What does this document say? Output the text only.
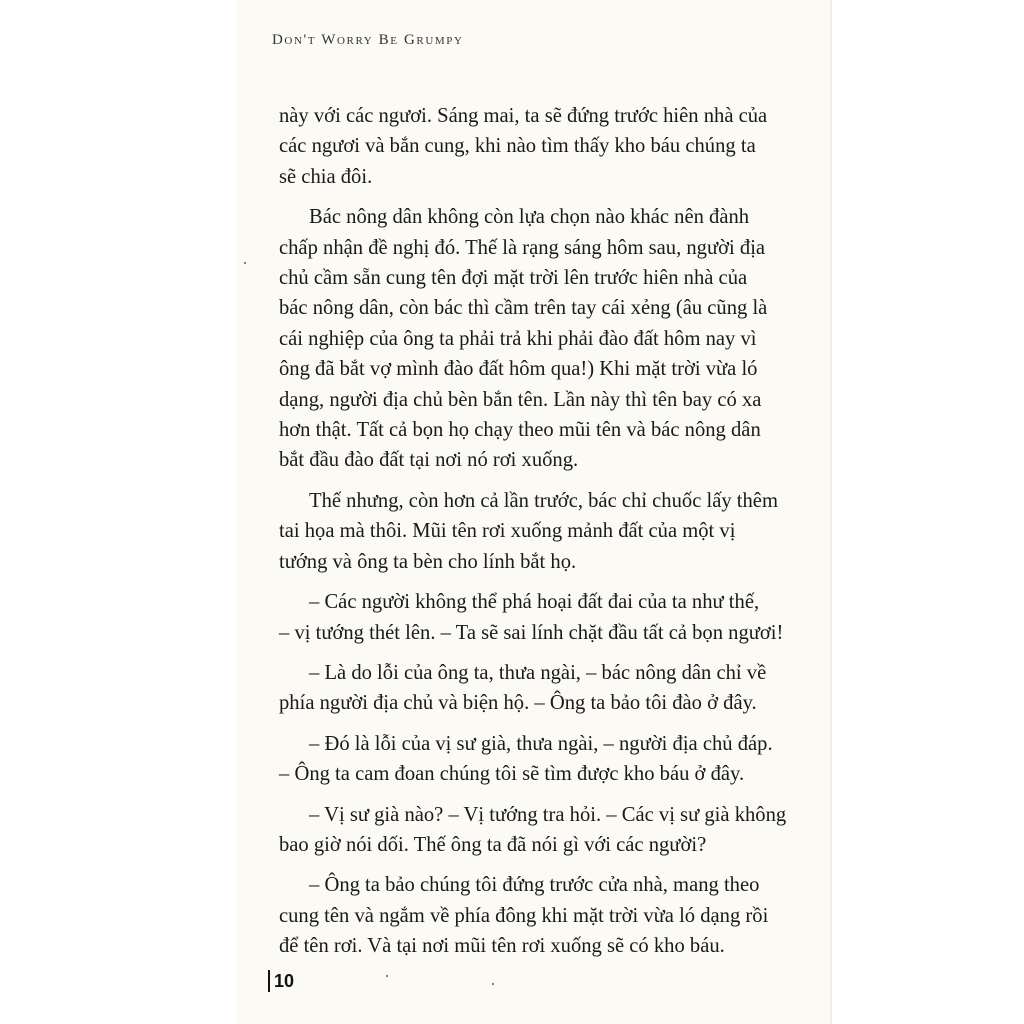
Don't Worry Be Grumpy

này với các ngươi. Sáng mai, ta sẽ đứng trước hiên nhà của
các ngươi và bắn cung, khi nào tìm thấy kho báu chúng ta
sẽ chia đôi.

Bác nông dân không còn lựa chọn nào khác nên đành
chấp nhận đề nghị đó. Thế là rạng sáng hôm sau, người địa
chủ cầm sẵn cung tên đợi mặt trời lên trước hiên nhà của
bác nông dân, còn bác thì cầm trên tay cái xẻng (âu cũng là
cái nghiệp của ông ta phải trả khi phải đào đất hôm nay vì
ông đã bắt vợ mình đào đất hôm qua!) Khi mặt trời vừa ló
dạng, người địa chủ bèn bắn tên. Lần này thì tên bay có xa
hơn thật. Tất cả bọn họ chạy theo mũi tên và bác nông dân
bắt đầu đào đất tại nơi nó rơi xuống.

Thế nhưng, còn hơn cả lần trước, bác chỉ chuốc lấy thêm
tai họa mà thôi. Mũi tên rơi xuống mảnh đất của một vị
tướng và ông ta bèn cho lính bắt họ.

– Các người không thể phá hoại đất đai của ta như thế,
– vị tướng thét lên. – Ta sẽ sai lính chặt đầu tất cả bọn ngươi!

– Là do lỗi của ông ta, thưa ngài, – bác nông dân chỉ về
phía người địa chủ và biện hộ. – Ông ta bảo tôi đào ở đây.

– Đó là lỗi của vị sư già, thưa ngài, – người địa chủ đáp.
– Ông ta cam đoan chúng tôi sẽ tìm được kho báu ở đây.

– Vị sư già nào? – Vị tướng tra hỏi. – Các vị sư già không
bao giờ nói dối. Thế ông ta đã nói gì với các người?

– Ông ta bảo chúng tôi đứng trước cửa nhà, mang theo
cung tên và ngắm về phía đông khi mặt trời vừa ló dạng rồi
để tên rơi. Và tại nơi mũi tên rơi xuống sẽ có kho báu.

10
